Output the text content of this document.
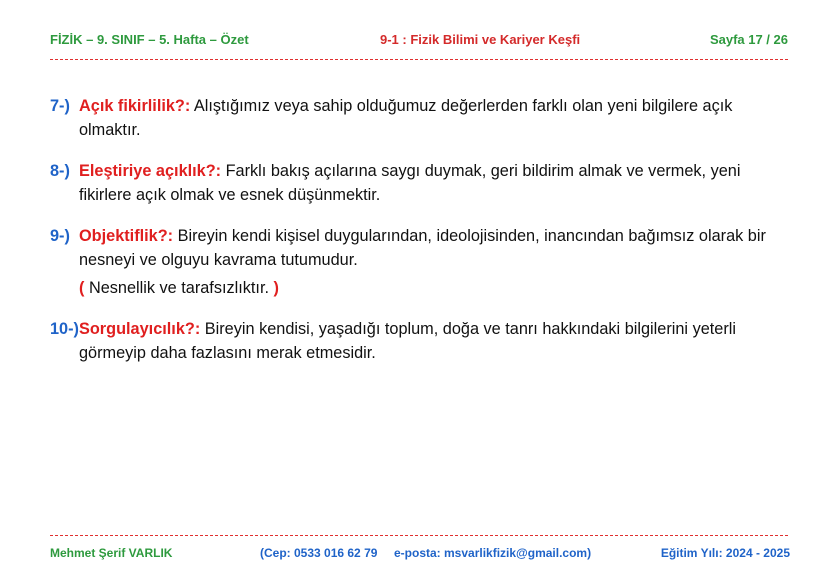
FİZİK – 9. SINIF – 5. Hafta – Özet	9-1 : Fizik Bilimi ve Kariyer Keşfi	Sayfa 17 / 26
7-) Açık fikirlilik?: Alıştığımız veya sahip olduğumuz değerlerden farklı olan yeni bilgilere açık olmaktır.
8-) Eleştiriye açıklık?: Farklı bakış açılarına saygı duymak, geri bildirim almak ve vermek, yeni fikirlere açık olmak ve esnek düşünmektir.
9-) Objektiflik?: Bireyin kendi kişisel duygularından, ideolojisinden, inancından bağımsız olarak bir nesneyi ve olguyu kavrama tutumudur.
( Nesnellik ve tarafsızlıktır. )
10-) Sorgulayıcılık?: Bireyin kendisi, yaşadığı toplum, doğa ve tanrı hakkındaki bilgilerini yeterli görmeyip daha fazlasını merak etmesidir.
Mehmet Şerif VARLIK	(Cep: 0533 016 62 79 e-posta: msvarlikfizik@gmail.com)	Eğitim Yılı: 2024 - 2025
